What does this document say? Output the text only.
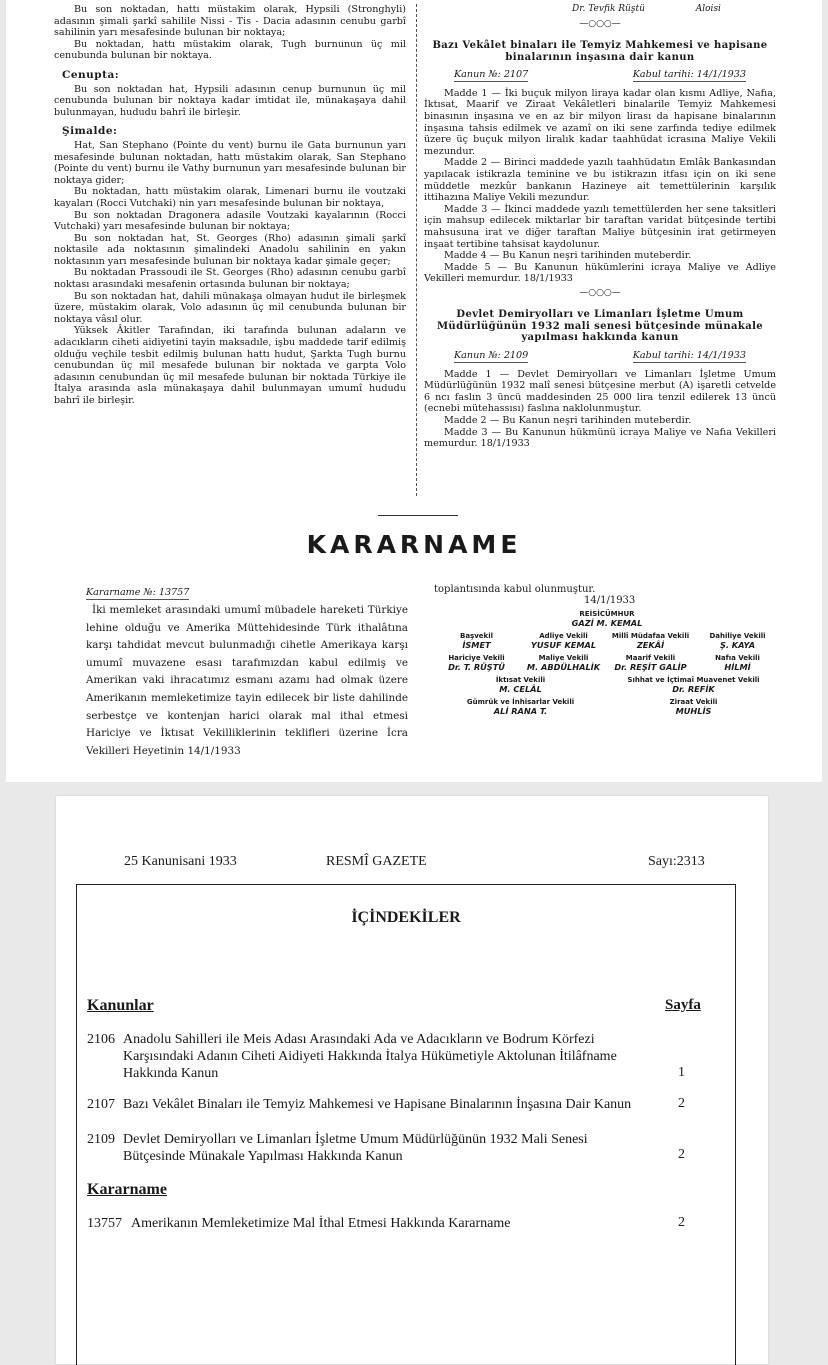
Bu son noktadan, hattı müstakim olarak, Hypsili (Stronghyli) adasının şimali şarkî sahilile Nissi - Tis - Dacia adasının cenubu garbî sahilinin yarı mesafesinde bulunan bir noktaya;

Bu noktadan, hattı müstakim olarak, Tugh burnunun üç mil cenubunda bulunan bir noktaya.

Cenupta:

Bu son noktadan hat, Hypsili adasının cenup burnunun üç mil cenubunda bulunan bir noktaya kadar imtidat ile, münakaşaya dahil bulunmayan, hududu bahrî ile birleşir.

Şimalde:

Hat, San Stephano (Pointe du vent) burnu ile Gata burnunun yarı mesafesinde bulunan noktadan, hattı müstakim olarak, San Stephano (Pointe du vent) burnu ile Vathy burnunun yarı mesafesinde bulunan bir noktaya gider;

Bu noktadan, hattı müstakim olarak, Limenari burnu ile voutzaki kayaları (Rocci Vutchaki) nin yarı mesafesinde bulunan bir noktaya,

Bu son noktadan Dragonera adasile Voutzaki kayalarının (Rocci Vutchaki) yarı mesafesinde bulunan bir noktaya;

Bu son noktadan hat, St. Georges (Rho) adasının şimali şarkî noktasile ada noktasının şimalindeki Anadolu sahilinin en yakın noktasının yarı mesafesinde bulunan bir noktaya kadar şimale geçer;

Bu noktadan Prassoudi ile St. Georges (Rho) adasının cenubu garbî noktası arasındaki mesafenin ortasında bulunan bir noktaya;

Bu son noktadan hat, dahili münakaşa olmayan hudut ile birleşmek üzere, müstakim olarak, Volo adasının üç mil cenubunda bulunan bir noktaya vâsıl olur.

Yüksek Âkitler Tarafından, iki tarafında bulunan adaların ve adacıkların ciheti aidiyetini tayin maksadıle, işbu maddede tarif edilmiş olduğu veçhile tesbit edilmiş bulunan hattı hudut, Şarkta Tugh burnu cenubundan üç mil mesafede bulunan bir noktada ve garpta Volo adasının cenubundan üç mil mesafede bulunan bir noktada Türkiye ile İtalya arasında asla münakaşaya dahil bulunmayan umumî hududu bahrî ile birleşir.

Dr. Tevfik Rüştü	Aloisi
—○○○—
Bazı Vekâlet binaları ile Temyiz Mahkemesi ve hapisane binalarının inşasına dair kanun
Kanun №: 2107	Kabul tarihi: 14/1/1933

Madde 1 — İki buçuk milyon liraya kadar olan kısmı Adliye, Nafıa, İktısat, Maarif ve Ziraat Vekâletleri binalarile Temyiz Mahkemesi binasının inşasına ve en az bir milyon lirası da hapisane binalarının inşasına tahsis edilmek ve azamî on iki sene zarfında tediye edilmek üzere üç buçuk milyon liralık kadar taahhüdat icrasına Maliye Vekili mezundur.

Madde 2 — Birinci maddede yazılı taahhüdatın Emlâk Bankasından yapılacak istikrazla teminine ve bu istikrazın itfası için on iki sene müddetle mezkûr bankanın Hazineye ait temettülerinin karşılık ittihazına Maliye Vekili mezundur.

Madde 3 — İkinci maddede yazılı temettülerden her sene taksitleri için mahsup edilecek miktarlar bir taraftan varidat bütçesinde tertibi mahsusuna irat ve diğer taraftan Maliye bütçesinin irat getirmeyen inşaat tertibine tahsisat kaydolunur.

Madde 4 — Bu Kanun neşri tarihinden muteberdir.

Madde 5 — Bu Kanunun hükümlerini icraya Maliye ve Adliye Vekilleri memurdur. 18/1/1933

—○○○—
Devlet Demiryolları ve Limanları İşletme Umum Müdürlüğünün 1932 mali senesi bütçesinde münakale yapılması hakkında kanun
Kanun №: 2109	Kabul tarihi: 14/1/1933

Madde 1 — Devlet Demiryolları ve Limanları İşletme Umum Müdürlüğünün 1932 malî senesi bütçesine merbut (A) işaretli cetvelde 6 ncı faslın 3 üncü maddesinden 25 000 lira tenzil edilerek 13 üncü (ecnebi mütehassısı) faslına naklolunmuştur.

Madde 2 — Bu Kanun neşri tarihinden muteberdir.

Madde 3 — Bu Kanunun hükmünü icraya Maliye ve Nafıa Vekilleri memurdur. 18/1/1933

KARARNAME
Kararname №: 13757
İki memleket arasındaki umumî mübadele hareketi Türkiye lehine olduğu ve Amerika Müttehidesinde Türk ithalâtına karşı tahdidat mevcut bulunmadığı cihetle Amerikaya karşı umumî muvazene esası tarafımızdan kabul edilmiş ve Amerikan vaki ihracatımız esmanı azamı had olmak üzere Amerikanın memleketimize tayin edilecek bir liste dahilinde serbestçe ve kontenjan harici olarak mal ithal etmesi Hariciye ve İktısat Vekilliklerinin teklifleri üzerine İcra Vekilleri Heyetinin 14/1/1933
toplantısında kabul olunmuştur.
14/1/1933
REİSİCÜMHUR
GAZİ M. KEMAL
Başvekil
İSMET
Adliye Vekili
YUSUF KEMAL
Millî Müdafaa Vekili
ZEKÂİ
Dahiliye Vekili
Ş. KAYA
Hariciye Vekili
Dr. T. RÜŞTÜ
Maliye Vekili
M. ABDÜLHALİK
Maarif Vekili
Dr. REŞİT GALİP
Nafıa Vekili
HİLMİ
İktısat Vekili
M. CELÂL
Sıhhat ve İçtimaî Muavenet Vekili
Dr. REFİK
Gümrük ve İnhisarlar Vekili
ALİ RANA T.
Ziraat Vekili
MUHLİS
25 Kanunisani 1933	RESMÎ GAZETE	Sayı:2313
İÇİNDEKİLER
Kanunlar	Sayfa
2106 Anadolu Sahilleri ile Meis Adası Arasındaki Ada ve Adacıkların ve Bodrum Körfezi Karşısındaki Adanın Ciheti Aidiyeti Hakkında İtalya Hükümetiyle Aktolunan İtilâfname Hakkında Kanun	1
2107 Bazı Vekâlet Binaları ile Temyiz Mahkemesi ve Hapisane Binalarının İnşasına Dair Kanun	2
2109 Devlet Demiryolları ve Limanları İşletme Umum Müdürlüğünün 1932 Mali Senesi Bütçesinde Münakale Yapılması Hakkında Kanun	2
Kararname
13757 Amerikanın Memleketimize Mal İthal Etmesi Hakkında Kararname	2
